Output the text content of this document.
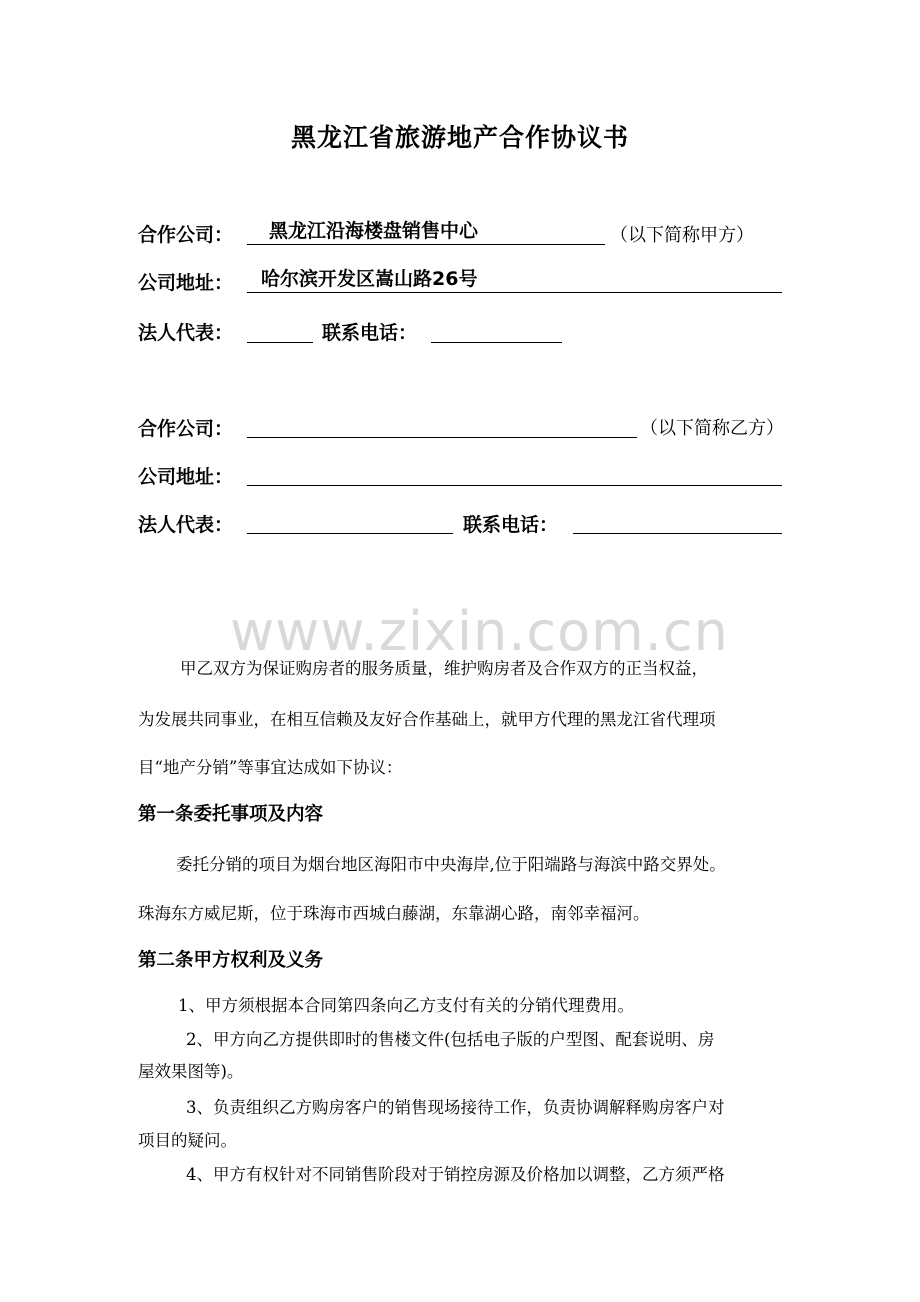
黑龙江省旅游地产合作协议书
合作公司： 黑龙江沿海楼盘销售中心	（以下简称甲方）
公司地址： 哈尔滨开发区嵩山路26号
法人代表：	联系电话：
合作公司：	（以下简称乙方）
公司地址：
法人代表：	联系电话：
www.zixin.com.cn
甲乙双方为保证购房者的服务质量，维护购房者及合作双方的正当权益，
为发展共同事业，在相互信赖及友好合作基础上，就甲方代理的黑龙江省代理项
目“地产分销”等事宜达成如下协议：
第一条委托事项及内容
委托分销的项目为烟台地区海阳市中央海岸,位于阳端路与海滨中路交界处。
珠海东方威尼斯，位于珠海市西城白藤湖，东靠湖心路，南邻幸福河。
第二条甲方权利及义务
1、甲方须根据本合同第四条向乙方支付有关的分销代理费用。
2、甲方向乙方提供即时的售楼文件(包括电子版的户型图、配套说明、房
屋效果图等)。
3、负责组织乙方购房客户的销售现场接待工作，负责协调解释购房客户对
项目的疑问。
4、甲方有权针对不同销售阶段对于销控房源及价格加以调整，乙方须严格
